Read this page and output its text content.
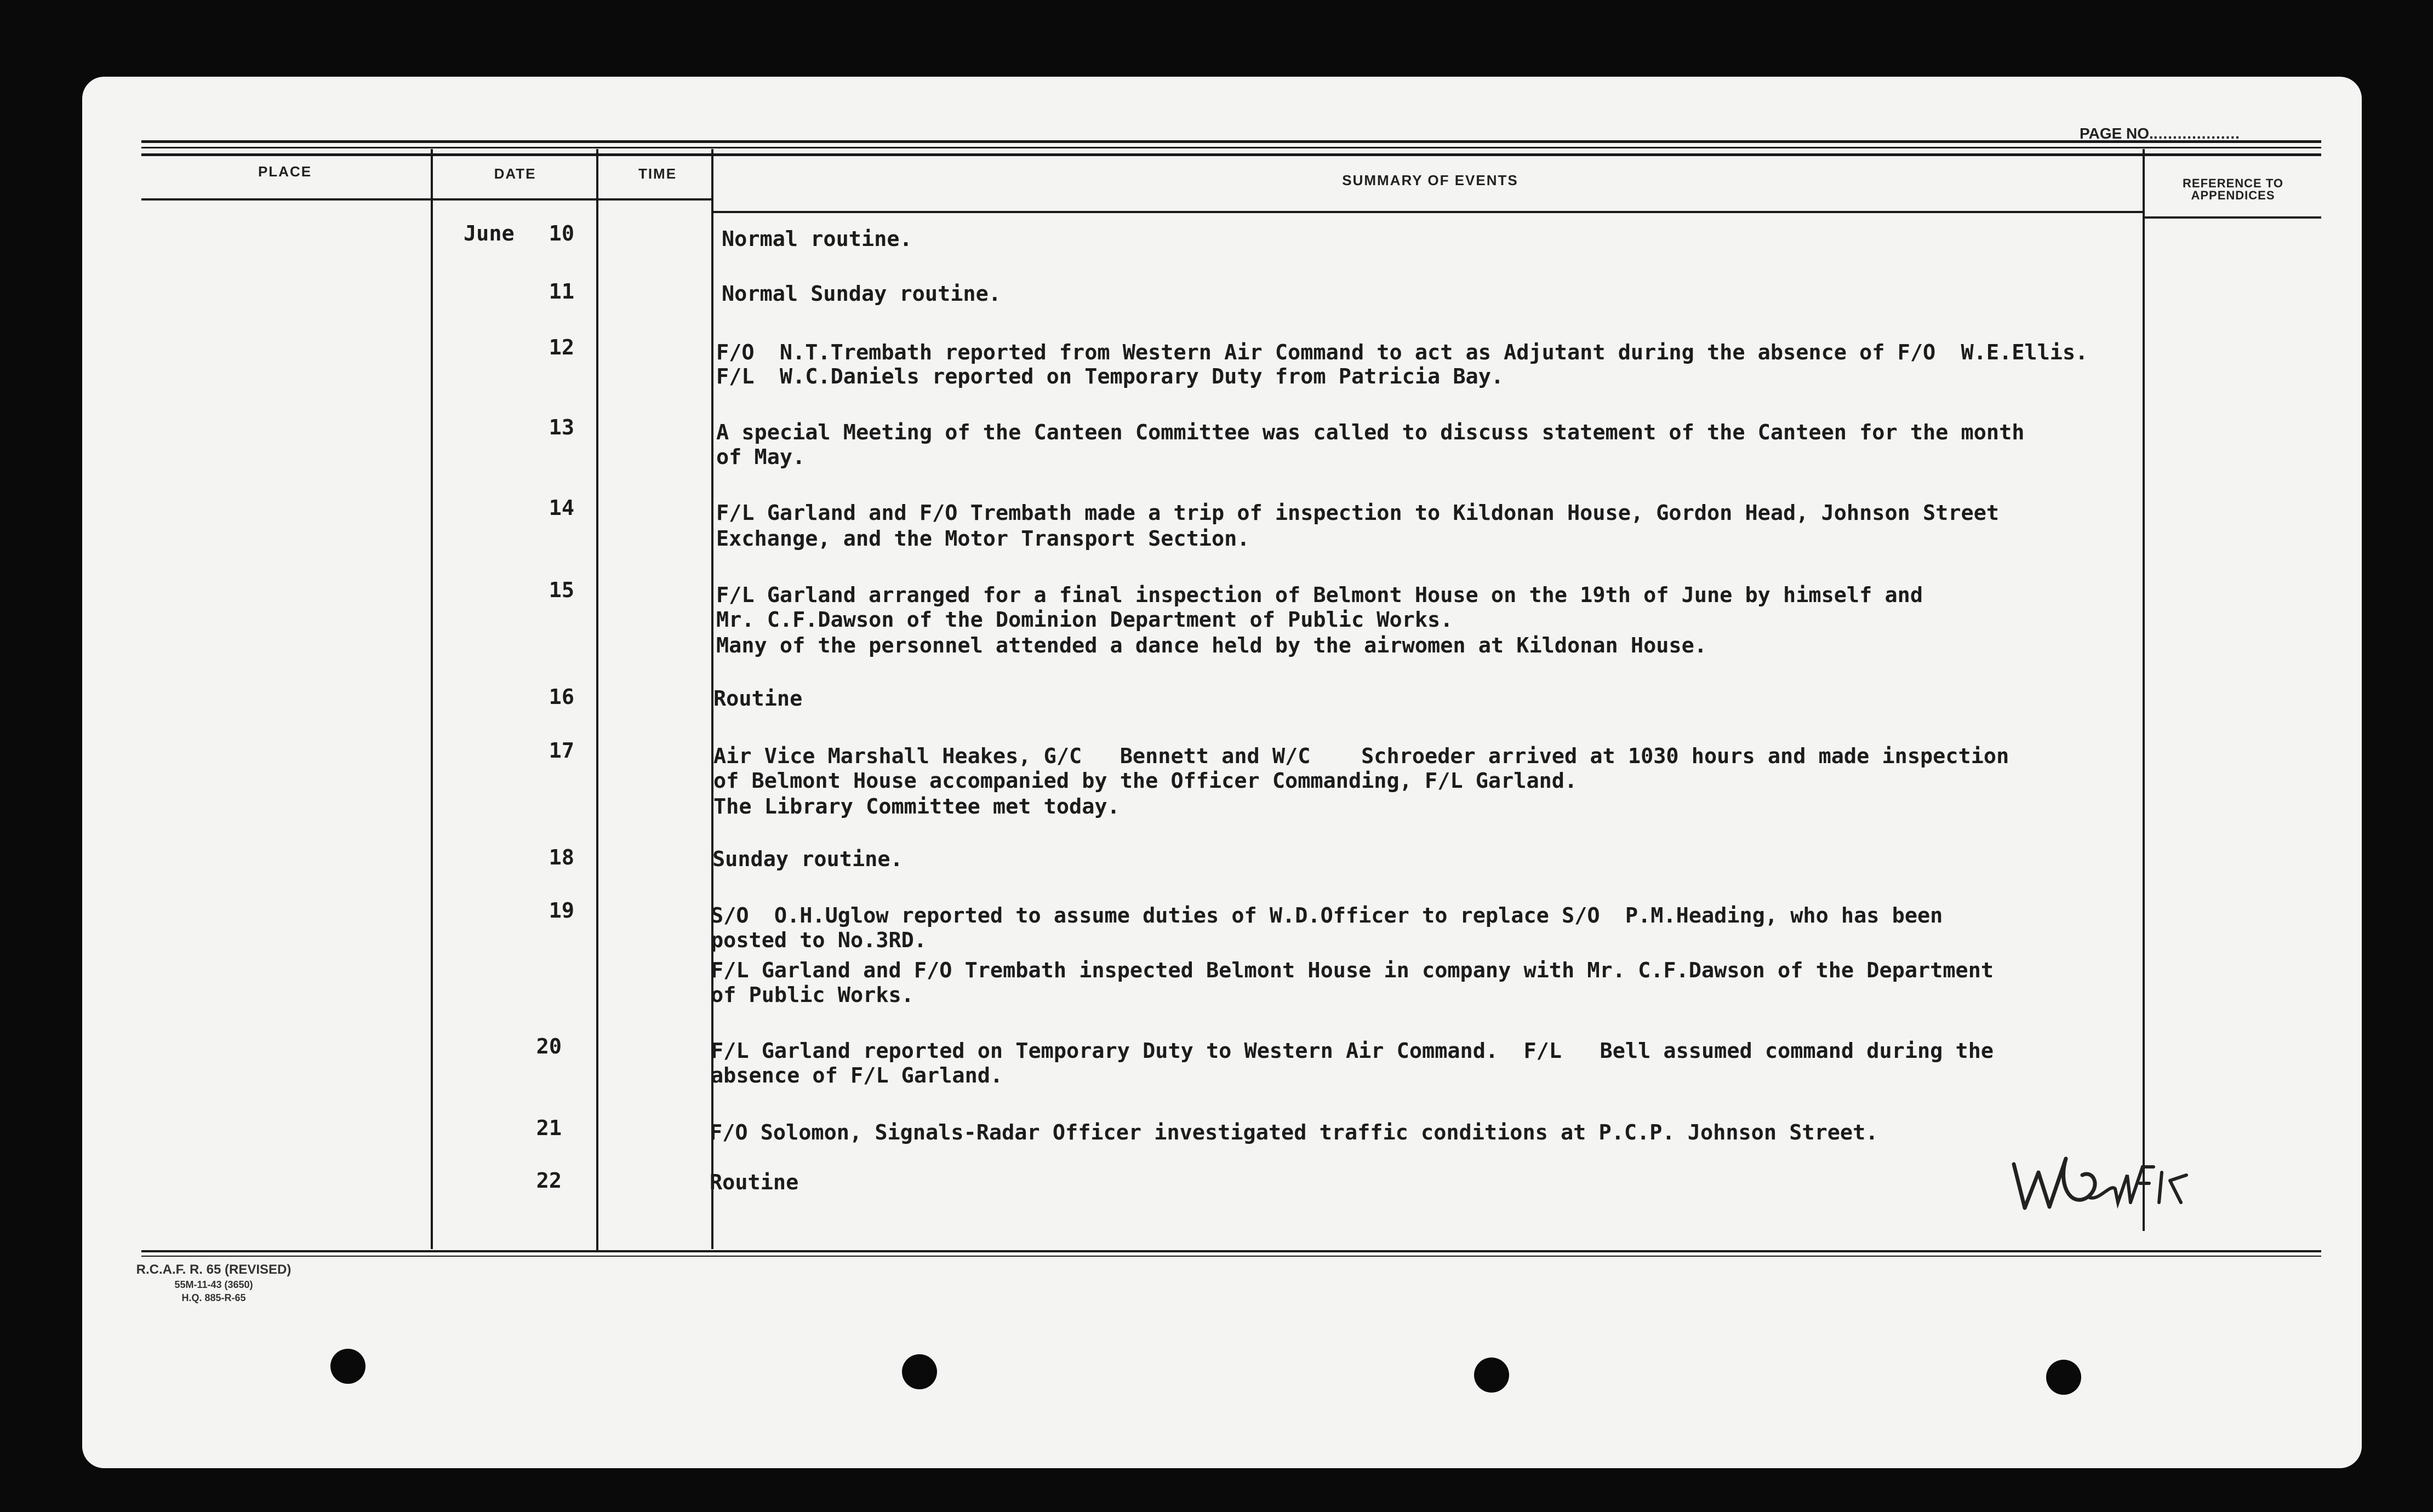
PAGE NO...................
PLACE	DATE	TIME	SUMMARY OF EVENTS	REFERENCE TO
APPENDICES
June	10	Normal routine.
11	Normal Sunday routine.
12	F/O  N.T.Trembath reported from Western Air Command to act as Adjutant during the absence of F/O  W.E.Ellis.
F/L  W.C.Daniels reported on Temporary Duty from Patricia Bay.
13	A special Meeting of the Canteen Committee was called to discuss statement of the Canteen for the month
of May.
14	F/L Garland and F/O Trembath made a trip of inspection to Kildonan House, Gordon Head, Johnson Street
Exchange, and the Motor Transport Section.
15	F/L Garland arranged for a final inspection of Belmont House on the 19th of June by himself and
Mr. C.F.Dawson of the Dominion Department of Public Works.
Many of the personnel attended a dance held by the airwomen at Kildonan House.
16	Routine
17	Air Vice Marshall Heakes, G/C   Bennett and W/C    Schroeder arrived at 1030 hours and made inspection
of Belmont House accompanied by the Officer Commanding, F/L Garland.
The Library Committee met today.
18	Sunday routine.
19	S/O  O.H.Uglow reported to assume duties of W.D.Officer to replace S/O  P.M.Heading, who has been
posted to No.3RD.
F/L Garland and F/O Trembath inspected Belmont House in company with Mr. C.F.Dawson of the Department
of Public Works.
20	F/L Garland reported on Temporary Duty to Western Air Command.  F/L   Bell assumed command during the
absence of F/L Garland.
21	F/O Solomon, Signals-Radar Officer investigated traffic conditions at P.C.P. Johnson Street.
22	Routine
R.C.A.F. R. 65 (REVISED)
55M-11-43 (3650)
H.Q. 885-R-65
